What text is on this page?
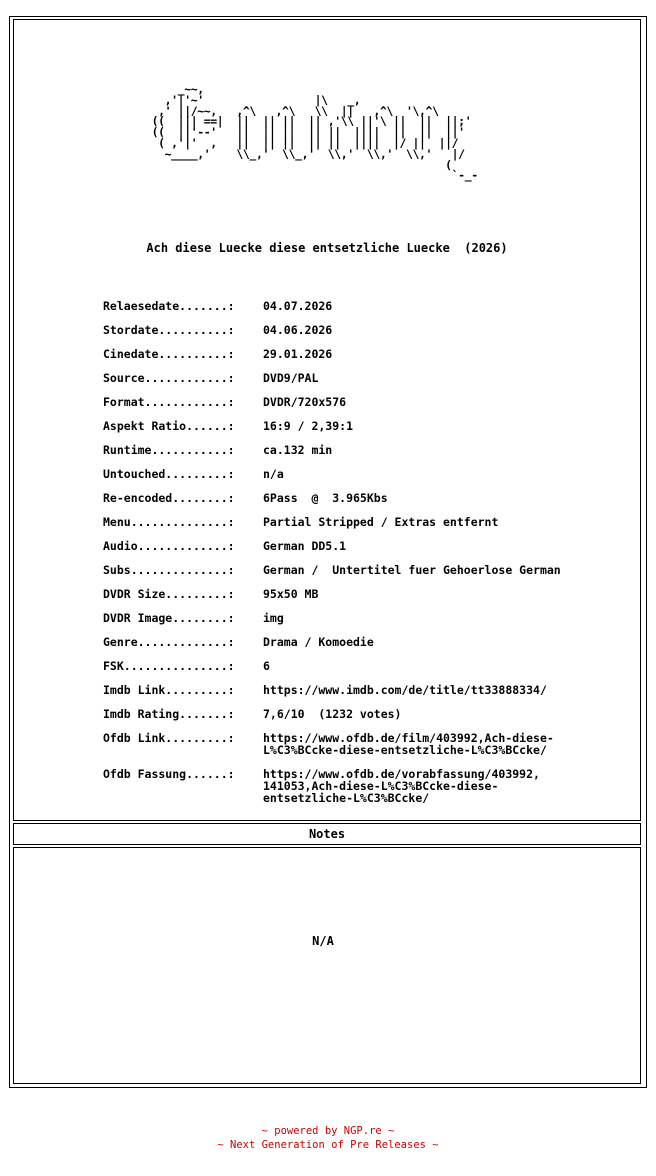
_~~,
,'|'~'                 |\   _,
,' ||/~~,   ,^\   ,^\   \\  ||   ,^\  '\,^\
((  ||| ==|  ||  || ||  || ,'\\ ||'\ ||  ||  ||;'
((  ||'--'   ||  || ||  || ||  ||||  ||  ||  ||'
( ,'|'  ,   ||  || ||  || ||  ||||  |/ ||  ||/
~____,'    \\_,'  \\_,'  \\,'  \\,'  \\,'   |/
(
`-_-
Ach diese Luecke diese entsetzliche Luecke  (2026)
Relaesedate.......:	04.07.2026
Stordate..........:	04.06.2026
Cinedate..........:	29.01.2026
Source............:	DVD9/PAL
Format............:	DVDR/720x576
Aspekt Ratio......:	16:9 / 2,39:1
Runtime...........:	ca.132 min
Untouched.........:	n/a
Re-encoded........:	6Pass  @  3.965Kbs
Menu..............:	Partial Stripped / Extras entfernt
Audio.............:	German DD5.1
Subs..............:	German /  Untertitel fuer Gehoerlose German
DVDR Size.........:	95x50 MB
DVDR Image........:	img
Genre.............:	Drama / Komoedie
FSK...............:	6
Imdb Link.........:	https://www.imdb.com/de/title/tt33888334/
Imdb Rating.......:	7,6/10  (1232 votes)
Ofdb Link.........:	https://www.ofdb.de/film/403992,Ach-diese-
L%C3%BCcke-diese-entsetzliche-L%C3%BCcke/
Ofdb Fassung......:	https://www.ofdb.de/vorabfassung/403992,
141053,Ach-diese-L%C3%BCcke-diese-
entsetzliche-L%C3%BCcke/
Notes
N/A
~ powered by NGP.re ~
~ Next Generation of Pre Releases ~
